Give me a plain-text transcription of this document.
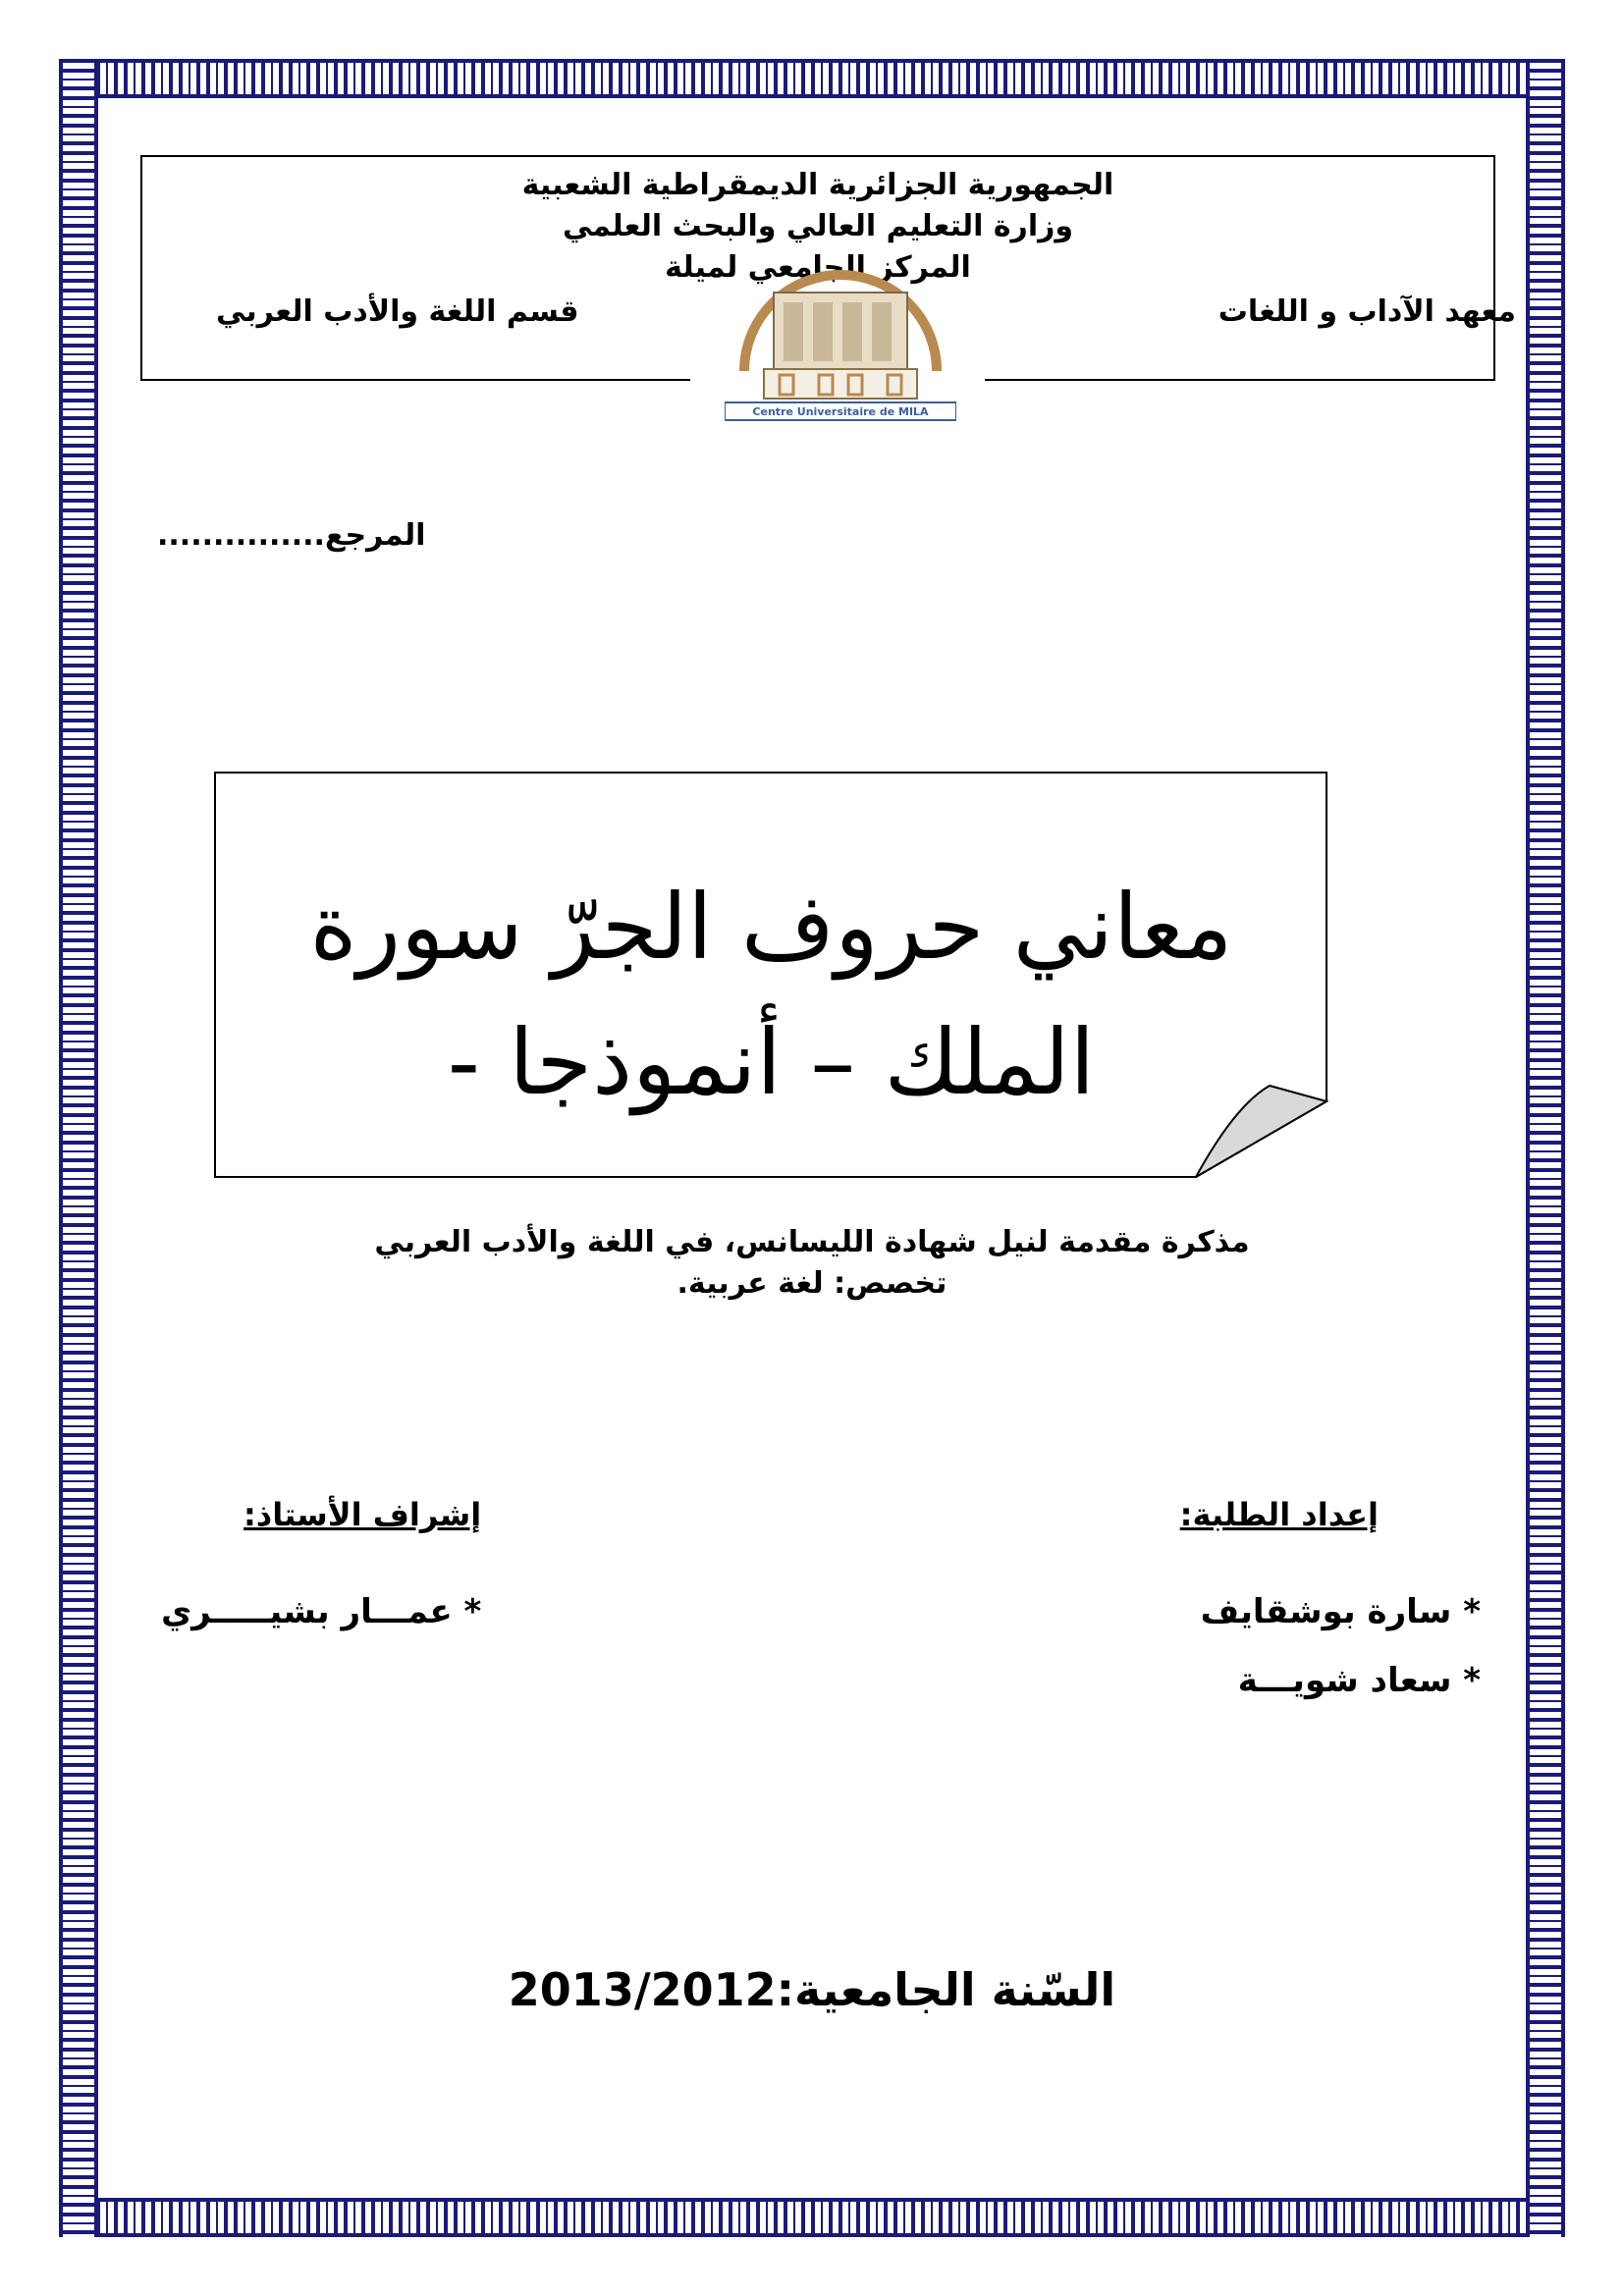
الجمهورية الجزائرية الديمقراطية الشعبية
وزارة التعليم العالي والبحث العلمي
المركز الجامعي لميلة
معهد الآداب و اللغات
قسم اللغة والأدب العربي
Centre Universitaire de MILA
المرجع...............
معاني حروف الجرّ سورة
الملك – أنموذجا -
مذكرة مقدمة لنيل شهادة الليسانس، في اللغة والأدب العربي
تخصص: لغة عربية.
إعداد الطلبة:
إشراف الأستاذ:
* سارة بوشقايف
* سعاد شويـــة
* عمـــار بشيـــــري
السّنة الجامعية:2013/2012
